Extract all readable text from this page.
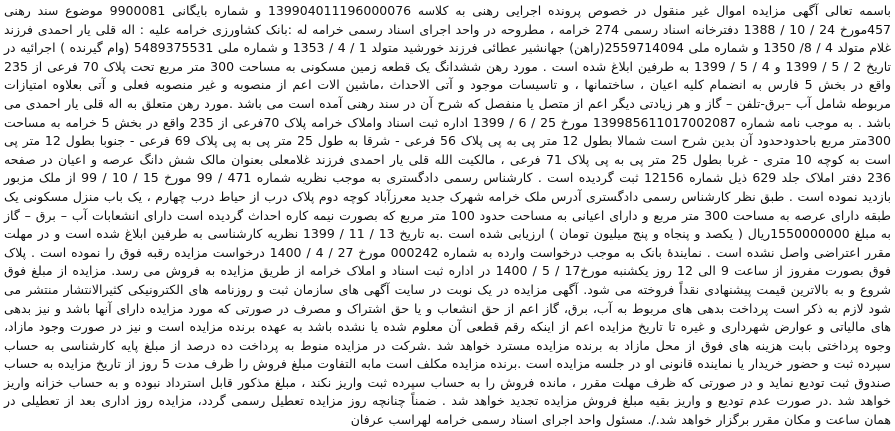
باسمه تعالی آگهی مزایده اموال غیر منقول در خصوص پرونده اجرایی رهنی به کلاسه 139904011196000076 و شماره بایگانی 9900081 موضوع سند رهنی 457مورخ 24 / 10 / 1388 دفترخانه اسناد رسمی 274 خرامه ، مطروحه در واحد اجرای اسناد رسمی خرامه له :بانک کشاورزی خرامه علیه : اله قلی یار احمدی فرزند غلام متولد 4 / 8/ 1350 و شماره ملی 2559714094(راهن) جهانشیر عطائی فرزند خورشید متولد 1 / 4 / 1353 و شماره ملی 5489375531 (وام گیرنده ) اجرائیه در تاریخ 2 / 5 / 1399 و 4 / 5 / 1399 به طرفین ابلاغ شده است . مورد رهن ششدانگ یک قطعه زمین مسکونی به مساحت 300 متر مربع تحت پلاک 70 فرعی از 235 واقع در بخش 5 فارس به انضمام کلیه اعیان ، ساختمانها ، و تاسیسات موجود و آتی الاحداث ،ماشین الات اعم از منصوبه و غیر منصوبه فعلی و آتی بعلاوه امتیازات مربوطه شامل آب –برق-تلفن – گاز و هر زیادتی دیگر اعم از متصل یا منفصل که شرح آن در سند رهنی آمده است می باشد .مورد رهن متعلق به اله قلی یار احمدی می باشد . به موجب نامه شماره 139985611017002087 مورخ 25 / 6 / 1399 اداره ثبت اسناد واملاک خرامه پلاک 70فرعی از 235 واقع در بخش 5 خرامه به مساحت 300متر مربع باحدودحدود آن بدین شرح است شمالا بطول 12 متر پی به پی پلاک 56 فرعی - شرقا به طول 25 متر پی به پی پلاک 69 فرعی - جنوبا بطول 12 متر پی است به کوچه 10 متری - غربا بطول 25 متر پی به پی پلاک 71 فرعی ، مالکیت الله قلی یار احمدی فرزند غلامعلی بعنوان مالک شش دانگ عرصه و اعیان در صفحه 236 دفتر املاک جلد 629 ذیل شماره 12156 ثبت گردیده است . کارشناس رسمی دادگستری به موجب نظریه شماره 471 / 99 مورخ 15 / 10 / 99 از ملک مزبور بازدید نموده است . طبق نظر کارشناس رسمی دادگستری آدرس ملک خرامه شهرک جدید معرزآباد کوچه دوم پلاک درب از حیاط درب چهارم ، یک باب منزل مسکونی یک طبقه دارای عرصه به مساحت 300 متر مربع و دارای اعیانی به مساحت حدود 100 متر مربع که بصورت نیمه کاره احداث گردیده است دارای انشعابات آب – برق – گاز به مبلغ 1550000000ریال ( یکصد و پنجاه و پنج میلیون تومان ) ارزیابی شده است .به تاریخ 13 / 11 / 1399 نظریه کارشناسی به طرفین ابلاغ شده است و در مهلت مقرر اعتراضی واصل نشده است . نمایندۀ بانک به موجب درخواست وارده به شماره 000242 مورخ 27 / 4 / 1400 درخواست مزایده رقبه فوق را نموده است . پلاک فوق بصورت مفروز از ساعت 9 الی 12 روز یکشنبه مورخ17 / 5 / 1400 در اداره ثبت اسناد و املاک خرامه از طریق مزایده به فروش می رسد. مزایده از مبلغ فوق شروع و به بالاترین قیمت پیشنهادی نقداً فروخته می شود. آگهی مزایده در یک نوبت در سایت آگهی های سازمان ثبت و روزنامه های الکترونیکی کثیرالانتشار منتشر می شود لازم به ذکر است پرداخت بدهی های مربوط به آب، برق، گاز اعم از حق انشعاب و یا حق اشتراک و مصرف در صورتی که مورد مزایده دارای آنها باشد و نیز بدهی های مالیاتی و عوارض شهرداری و غیره تا تاریخ مزایده اعم از اینکه رقم قطعی آن معلوم شده یا نشده باشد به عهده برنده مزایده است و نیز در صورت وجود مازاد، وجوه پرداختی بابت هزینه های فوق از محل مازاد به برنده مزایده مسترد خواهد شد .شرکت در مزایده منوط به پرداخت ده درصد از مبلغ پایه کارشناسی به حساب سپرده ثبت و حضور خریدار یا نماینده قانونی او در جلسه مزایده است .برنده مزایده مکلف است مابه التفاوت مبلغ فروش را ظرف مدت 5 روز از تاریخ مزایده به حساب صندوق ثبت تودیع نماید و در صورتی که ظرف مهلت مقرر ، مانده فروش را به حساب سپرده ثبت واریز نکند ، مبلغ مذکور قابل استرداد نبوده و به حساب خزانه واریز خواهد شد .در صورت عدم تودیع و واریز بقیه مبلغ فروش مزایده تجدید خواهد شد . ضمناً چنانچه روز مزایده تعطیل رسمی گردد، مزایده روز اداری بعد از تعطیلی در همان ساعت و مکان مقرر برگزار خواهد شد./. مسئول واحد اجرای اسناد رسمی خرامه لهراسب عرفان
